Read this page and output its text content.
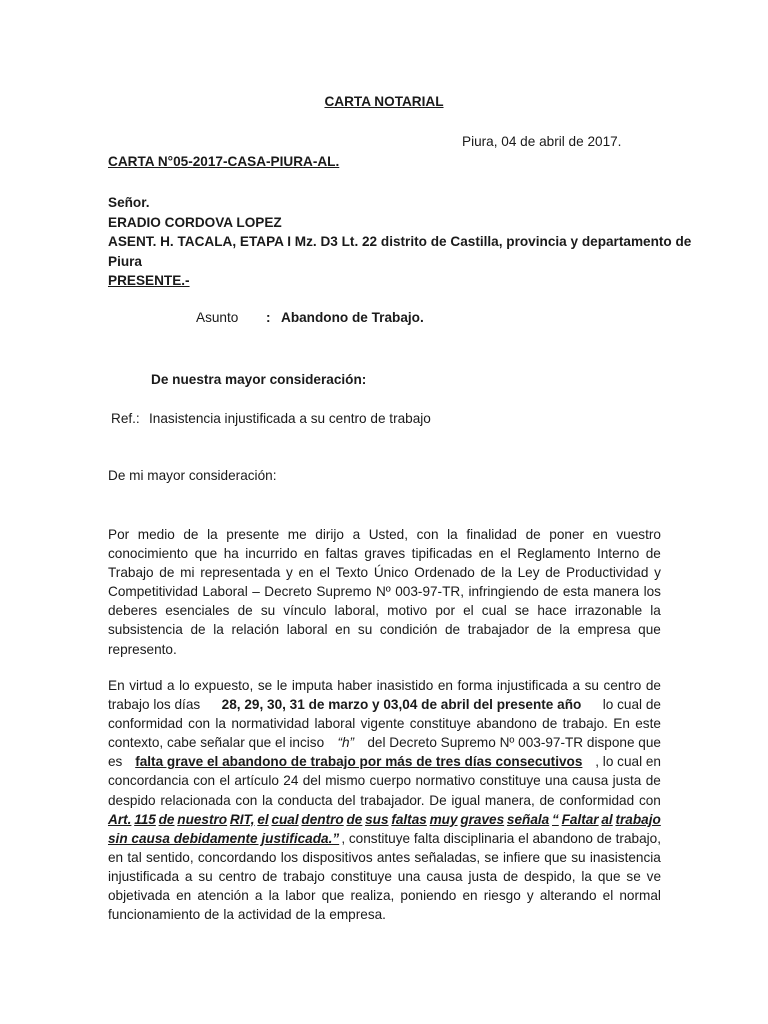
CARTA NOTARIAL
Piura, 04 de abril de 2017.
CARTA N°05-2017-CASA-PIURA-AL.
Señor.
ERADIO CORDOVA LOPEZ
ASENT. H. TACALA, ETAPA I Mz. D3 Lt. 22 distrito de Castilla, provincia y departamento de
Piura
PRESENTE.-
Asunto : Abandono de Trabajo.
De nuestra mayor consideración:
Ref.: Inasistencia injustificada a su centro de trabajo
De mi mayor consideración:
Por medio de la presente me dirijo a Usted, con la finalidad de poner en vuestro
conocimiento que ha incurrido en faltas graves tipificadas en el Reglamento Interno de
Trabajo de mi representada y en el Texto Único Ordenado de la Ley de Productividad y
Competitividad Laboral – Decreto Supremo Nº 003-97-TR, infringiendo de esta manera los
deberes esenciales de su vínculo laboral, motivo por el cual se hace irrazonable la
subsistencia de la relación laboral en su condición de trabajador de la empresa que
represento.
En virtud a lo expuesto, se le imputa haber inasistido en forma injustificada a su centro de
trabajo los días 28, 29, 30, 31 de marzo y 03,04 de abril del presente año lo cual de
conformidad con la normatividad laboral vigente constituye abandono de trabajo. En este
contexto, cabe señalar que el inciso “h” del Decreto Supremo Nº 003-97-TR dispone que
es falta grave el abandono de trabajo por más de tres días consecutivos , lo cual en
concordancia con el artículo 24 del mismo cuerpo normativo constituye una causa justa de
despido relacionada con la conducta del trabajador. De igual manera, de conformidad con
Art. 115 de nuestro RIT, el cual dentro de sus faltas muy graves señala “ Faltar al trabajo
sin causa debidamente justificada.” , constituye falta disciplinaria el abandono de trabajo,
en tal sentido, concordando los dispositivos antes señaladas, se infiere que su inasistencia
injustificada a su centro de trabajo constituye una causa justa de despido, la que se ve
objetivada en atención a la labor que realiza, poniendo en riesgo y alterando el normal
funcionamiento de la actividad de la empresa.
